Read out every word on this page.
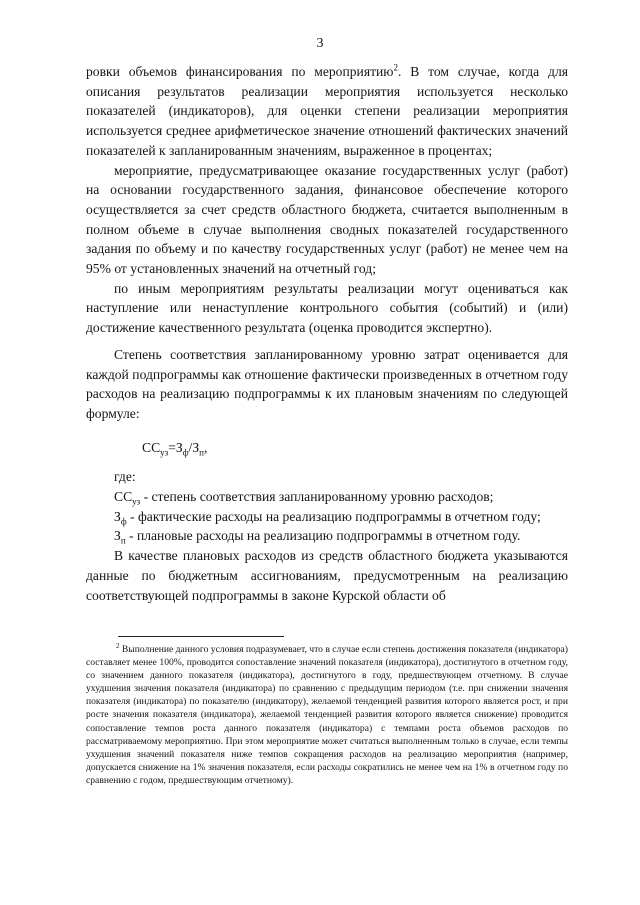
3

ровки объемов финансирования по мероприятию$^2$. В том случае, когда для описания результатов реализации мероприятия используется несколько показателей (индикаторов), для оценки степени реализации мероприятия используется среднее арифметическое значение отношений фактических значений показателей к запланированным значениям, выраженное в процентах;

мероприятие, предусматривающее оказание государственных услуг (работ) на основании государственного задания, финансовое обеспечение которого осуществляется за счет средств областного бюджета, считается выполненным в полном объеме в случае выполнения сводных показателей государственного задания по объему и по качеству государственных услуг (работ) не менее чем на 95% от установленных значений на отчетный год;

по иным мероприятиям результаты реализации могут оцениваться как наступление или ненаступление контрольного события (событий) и (или) достижение качественного результата (оценка проводится экспертно).

Степень соответствия запланированному уровню затрат оценивается для каждой подпрограммы как отношение фактически произведенных в отчетном году расходов на реализацию подпрограммы к их плановым значениям по следующей формуле:

$СС_{уз}=З_ф/З_п$,

где:

$СС_{уз}$ - степень соответствия запланированному уровню расходов;

$З_ф$ - фактические расходы на реализацию подпрограммы в отчетном году;

$З_п$ - плановые расходы на реализацию подпрограммы в отчетном году.

В качестве плановых расходов из средств областного бюджета указываются данные по бюджетным ассигнованиям, предусмотренным на реализацию соответствующей подпрограммы в законе Курской области об

$^2$ Выполнение данного условия подразумевает, что в случае если степень достижения показателя (индикатора) составляет менее 100%, проводится сопоставление значений показателя (индикатора), достигнутого в отчетном году, со значением данного показателя (индикатора), достигнутого в году, предшествующем отчетному. В случае ухудшения значения показателя (индикатора) по сравнению с предыдущим периодом (т.е. при снижении значения показателя (индикатора) по показателю (индикатору), желаемой тенденцией развития которого является рост, и при росте значения показателя (индикатора), желаемой тенденцией развития которого является снижение) проводится сопоставление темпов роста данного показателя (индикатора) с темпами роста объемов расходов по рассматриваемому мероприятию. При этом мероприятие может считаться выполненным только в случае, если темпы ухудшения значений показателя ниже темпов сокращения расходов на реализацию мероприятия (например, допускается снижение на 1% значения показателя, если расходы сократились не менее чем на 1% в отчетном году по сравнению с годом, предшествующим отчетному).
